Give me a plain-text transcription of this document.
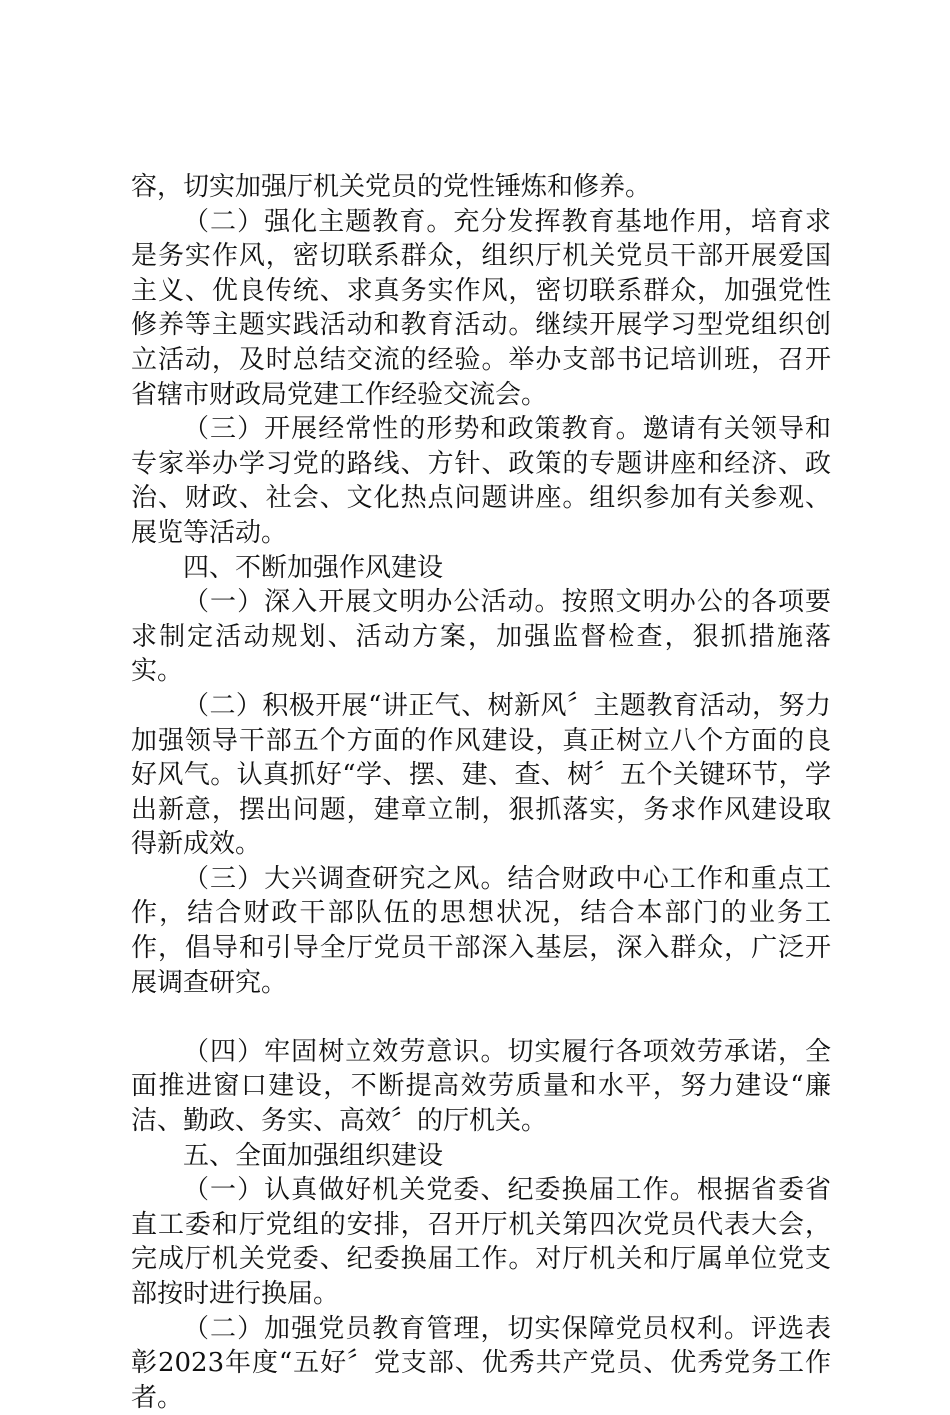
容，切实加强厅机关党员的党性锤炼和修养。

（二）强化主题教育。充分发挥教育基地作用，培育求是务实作风，密切联系群众，组织厅机关党员干部开展爱国主义、优良传统、求真务实作风，密切联系群众，加强党性修养等主题实践活动和教育活动。继续开展学习型党组织创立活动，及时总结交流的经验。举办支部书记培训班，召开省辖市财政局党建工作经验交流会。

（三）开展经常性的形势和政策教育。邀请有关领导和专家举办学习党的路线、方针、政策的专题讲座和经济、政治、财政、社会、文化热点问题讲座。组织参加有关参观、展览等活动。

四、不断加强作风建设

（一）深入开展文明办公活动。按照文明办公的各项要求制定活动规划、活动方案，加强监督检查，狠抓措施落实。

（二）积极开展“讲正气、树新风〞主题教育活动，努力加强领导干部五个方面的作风建设，真正树立八个方面的良好风气。认真抓好“学、摆、建、查、树〞五个关键环节，学出新意，摆出问题，建章立制，狠抓落实，务求作风建设取得新成效。

（三）大兴调查研究之风。结合财政中心工作和重点工作，结合财政干部队伍的思想状况，结合本部门的业务工作，倡导和引导全厅党员干部深入基层，深入群众，广泛开展调查研究。

（四）牢固树立效劳意识。切实履行各项效劳承诺，全面推进窗口建设，不断提高效劳质量和水平，努力建设“廉洁、勤政、务实、高效〞的厅机关。

五、全面加强组织建设

（一）认真做好机关党委、纪委换届工作。根据省委省直工委和厅党组的安排，召开厅机关第四次党员代表大会，完成厅机关党委、纪委换届工作。对厅机关和厅属单位党支部按时进行换届。

（二）加强党员教育管理，切实保障党员权利。评选表彰2023年度“五好〞党支部、优秀共产党员、优秀党务工作者。
